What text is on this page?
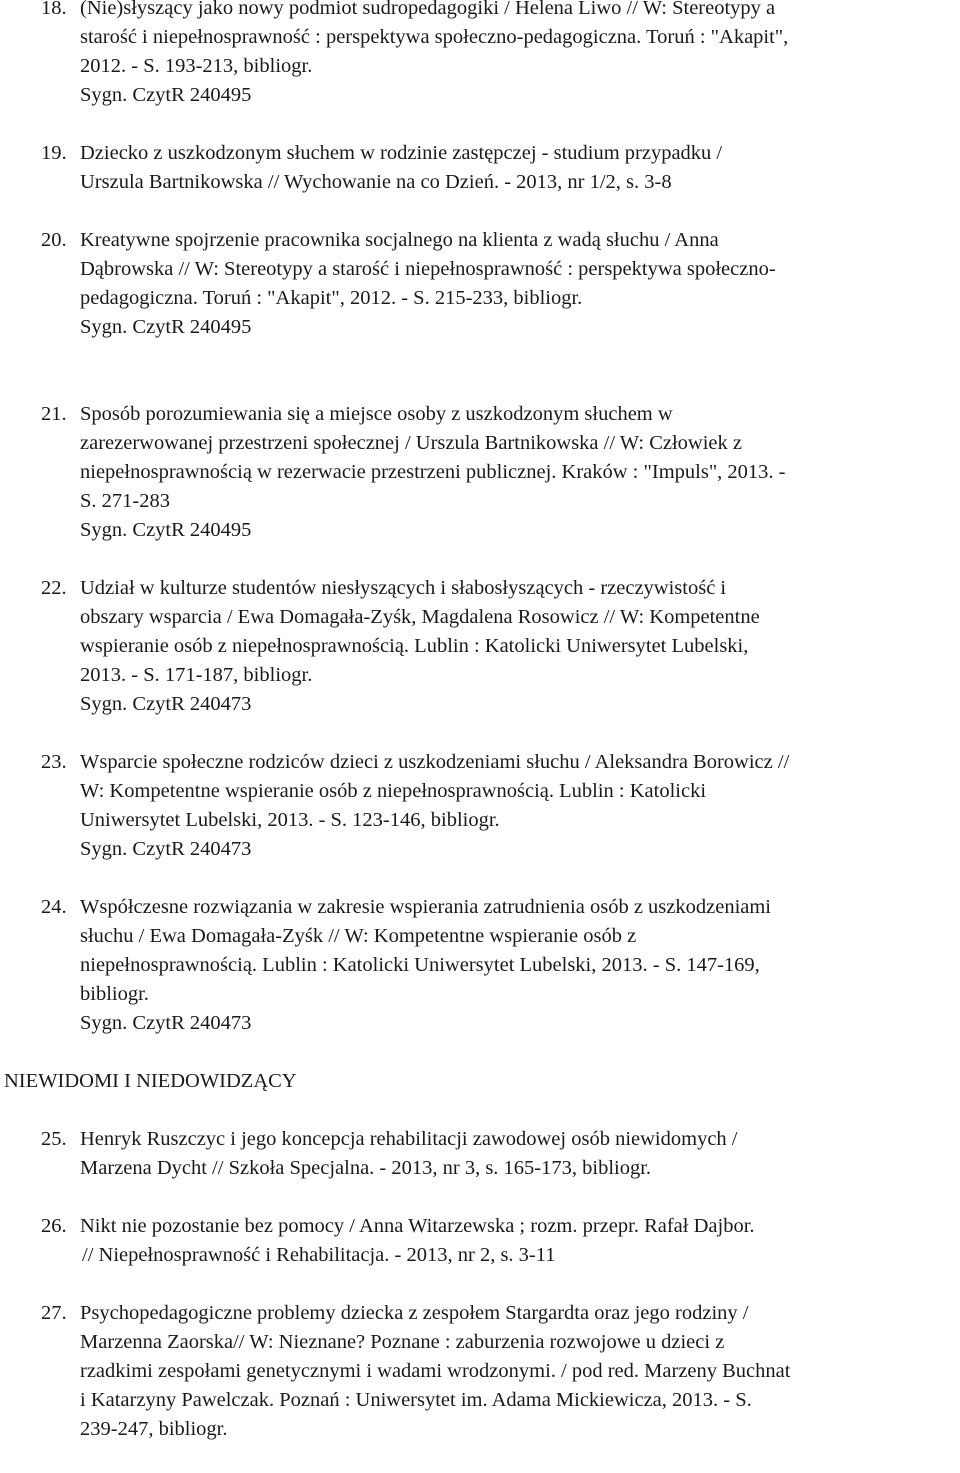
18. (Nie)słyszący jako nowy podmiot sudropedagogiki / Helena Liwo // W: Stereotypy a
starość i niepełnosprawność : perspektywa społeczno-pedagogiczna. Toruń : "Akapit",
2012. - S. 193-213, bibliogr.
Sygn. CzytR 240495
19. Dziecko z uszkodzonym słuchem w rodzinie zastępczej - studium przypadku /
Urszula Bartnikowska // Wychowanie na co Dzień. - 2013, nr 1/2, s. 3-8
20. Kreatywne spojrzenie pracownika socjalnego na klienta z wadą słuchu / Anna
Dąbrowska // W: Stereotypy a starość i niepełnosprawność : perspektywa społeczno-
pedagogiczna. Toruń : "Akapit", 2012. - S. 215-233, bibliogr.
Sygn. CzytR 240495
21. Sposób porozumiewania się a miejsce osoby z uszkodzonym słuchem w
zarezerwowanej przestrzeni społecznej / Urszula Bartnikowska // W: Człowiek z
niepełnosprawnością w rezerwacie przestrzeni publicznej. Kraków : "Impuls", 2013. -
S. 271-283
Sygn. CzytR 240495
22. Udział w kulturze studentów niesłyszących i słabosłyszących - rzeczywistość i
obszary wsparcia / Ewa Domagała-Zyśk, Magdalena Rosowicz // W: Kompetentne
wspieranie osób z niepełnosprawnością. Lublin : Katolicki Uniwersytet Lubelski,
2013. - S. 171-187, bibliogr.
Sygn. CzytR 240473
23. Wsparcie społeczne rodziców dzieci z uszkodzeniami słuchu / Aleksandra Borowicz //
W: Kompetentne wspieranie osób z niepełnosprawnością. Lublin : Katolicki
Uniwersytet Lubelski, 2013. - S. 123-146, bibliogr.
Sygn. CzytR 240473
24. Współczesne rozwiązania w zakresie wspierania zatrudnienia osób z uszkodzeniami
słuchu / Ewa Domagała-Zyśk // W: Kompetentne wspieranie osób z
niepełnosprawnością. Lublin : Katolicki Uniwersytet Lubelski, 2013. - S. 147-169,
bibliogr.
Sygn. CzytR 240473
NIEWIDOMI I NIEDOWIDZĄCY
25. Henryk Ruszczyc i jego koncepcja rehabilitacji zawodowej osób niewidomych /
Marzena Dycht // Szkoła Specjalna. - 2013, nr 3, s. 165-173, bibliogr.
26. Nikt nie pozostanie bez pomocy / Anna Witarzewska ; rozm. przepr. Rafał Dajbor.
// Niepełnosprawność i Rehabilitacja. - 2013, nr 2, s. 3-11
27. Psychopedagogiczne problemy dziecka z zespołem Stargardta oraz jego rodziny /
Marzenna Zaorska// W: Nieznane? Poznane : zaburzenia rozwojowe u dzieci z
rzadkimi zespołami genetycznymi i wadami wrodzonymi. / pod red. Marzeny Buchnat
i Katarzyny Pawelczak. Poznań : Uniwersytet im. Adama Mickiewicza, 2013. - S.
239-247, bibliogr.
